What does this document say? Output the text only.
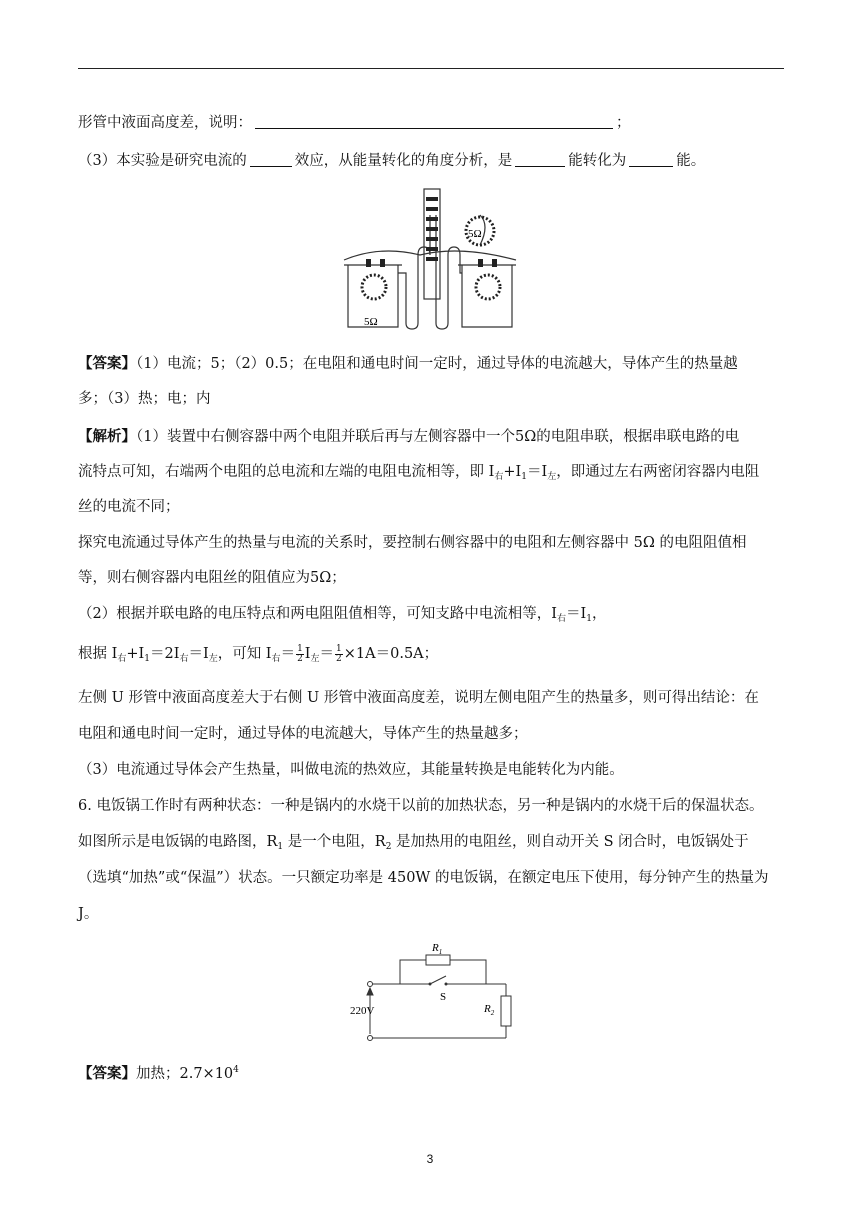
形管中液面高度差，说明：	；
（3）本实验是研究电流的	效应，从能量转化的角度分析，是	能转化为	能。
5Ω
5Ω
【答案】（1）电流；5；（2）0.5；在电阻和通电时间一定时，通过导体的电流越大，导体产生的热量越
多；（3）热；电；内
【解析】（1）装置中右侧容器中两个电阻并联后再与左侧容器中一个5Ω的电阻串联，根据串联电路的电
流特点可知，右端两个电阻的总电流和左端的电阻电流相等，即 $I_右+I_1=I_左$，即通过左右两密闭容器内电阻
丝的电流不同；
探究电流通过导体产生的热量与电流的关系时，要控制右侧容器中的电阻和左侧容器中 5Ω 的电阻阻值相
等，则右侧容器内电阻丝的阻值应为5Ω；
（2）根据并联电路的电压特点和两电阻阻值相等，可知支路中电流相等，$I_右=I_1$，
根据 $I_右+I_1=2I_右=I_左$，可知 $I_右= \frac{1}{2} I_左= \frac{1}{2} \times 1A=0.5A$；
左侧 U 形管中液面高度差大于右侧 U 形管中液面高度差，说明左侧电阻产生的热量多，则可得出结论：在
电阻和通电时间一定时，通过导体的电流越大，导体产生的热量越多；
（3）电流通过导体会产生热量，叫做电流的热效应，其能量转换是电能转化为内能。
6. 电饭锅工作时有两种状态：一种是锅内的水烧干以前的加热状态，另一种是锅内的水烧干后的保温状态。
如图所示是电饭锅的电路图，$R_1$ 是一个电阻，$R_2$ 是加热用的电阻丝，则自动开关 S 闭合时，电饭锅处于
（选填“加热”或“保温”）状态。一只额定功率是 450W 的电饭锅，在额定电压下使用，每分钟产生的热量为
J。
$R_1$
$R_2$
S
220V
【答案】加热；$2.7\times 10^4$
3
